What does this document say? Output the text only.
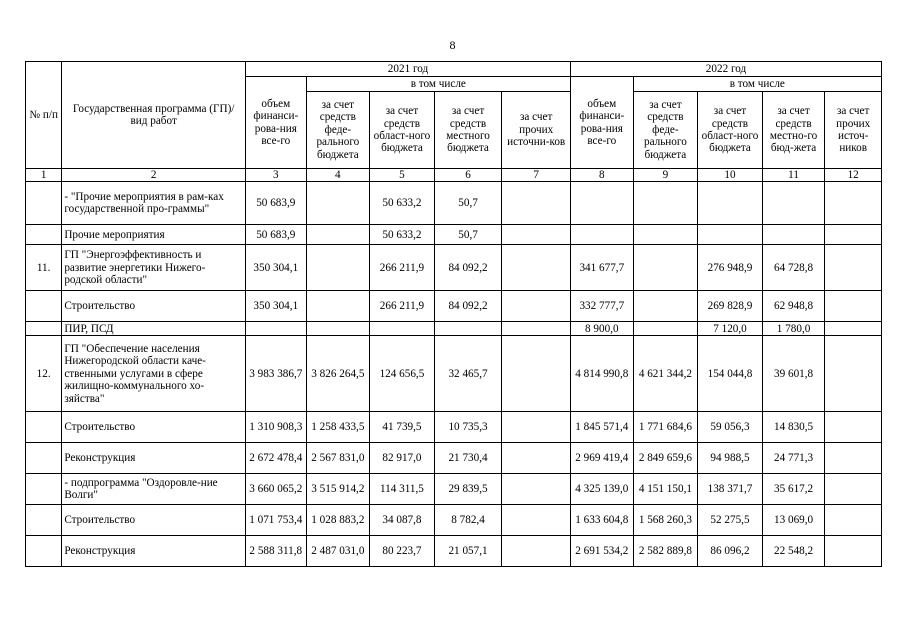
8
№ п/п	Государственная программа (ГП)/ вид работ	2021 год					2022 год				
		объем финанси-рова-ния все-го	в том числе				объем финанси-рова-ния все-го	в том числе			
			за счет средств феде-рального бюджета	за счет средств област-ного бюджета	за счет средств местного бюджета	за счет прочих источни-ков		за счет средств феде-рального бюджета	за счет средств област-ного бюджета	за счет средств местно-го бюд-жета	за счет прочих источ-ников
1	2	3	4	5	6	7	8	9	10	11	12
	- "Прочие мероприятия в рам-ках государственной про-граммы"	50 683,9		50 633,2	50,7						
	Прочие мероприятия	50 683,9		50 633,2	50,7						
11.	ГП "Энергоэффективность и развитие энергетики Нижего-родской области"	350 304,1		266 211,9	84 092,2		341 677,7		276 948,9	64 728,8	
	Строительство	350 304,1		266 211,9	84 092,2		332 777,7		269 828,9	62 948,8	
	ПИР, ПСД						8 900,0		7 120,0	1 780,0	
12.	ГП "Обеспечение населения Нижегородской области каче-ственными услугами в сфере жилищно-коммунального хо-зяйства"	3 983 386,7	3 826 264,5	124 656,5	32 465,7		4 814 990,8	4 621 344,2	154 044,8	39 601,8	
	Строительство	1 310 908,3	1 258 433,5	41 739,5	10 735,3		1 845 571,4	1 771 684,6	59 056,3	14 830,5	
	Реконструкция	2 672 478,4	2 567 831,0	82 917,0	21 730,4		2 969 419,4	2 849 659,6	94 988,5	24 771,3	
	- подпрограмма "Оздоровле-ние Волги"	3 660 065,2	3 515 914,2	114 311,5	29 839,5		4 325 139,0	4 151 150,1	138 371,7	35 617,2	
	Строительство	1 071 753,4	1 028 883,2	34 087,8	8 782,4		1 633 604,8	1 568 260,3	52 275,5	13 069,0	
	Реконструкция	2 588 311,8	2 487 031,0	80 223,7	21 057,1		2 691 534,2	2 582 889,8	86 096,2	22 548,2	
